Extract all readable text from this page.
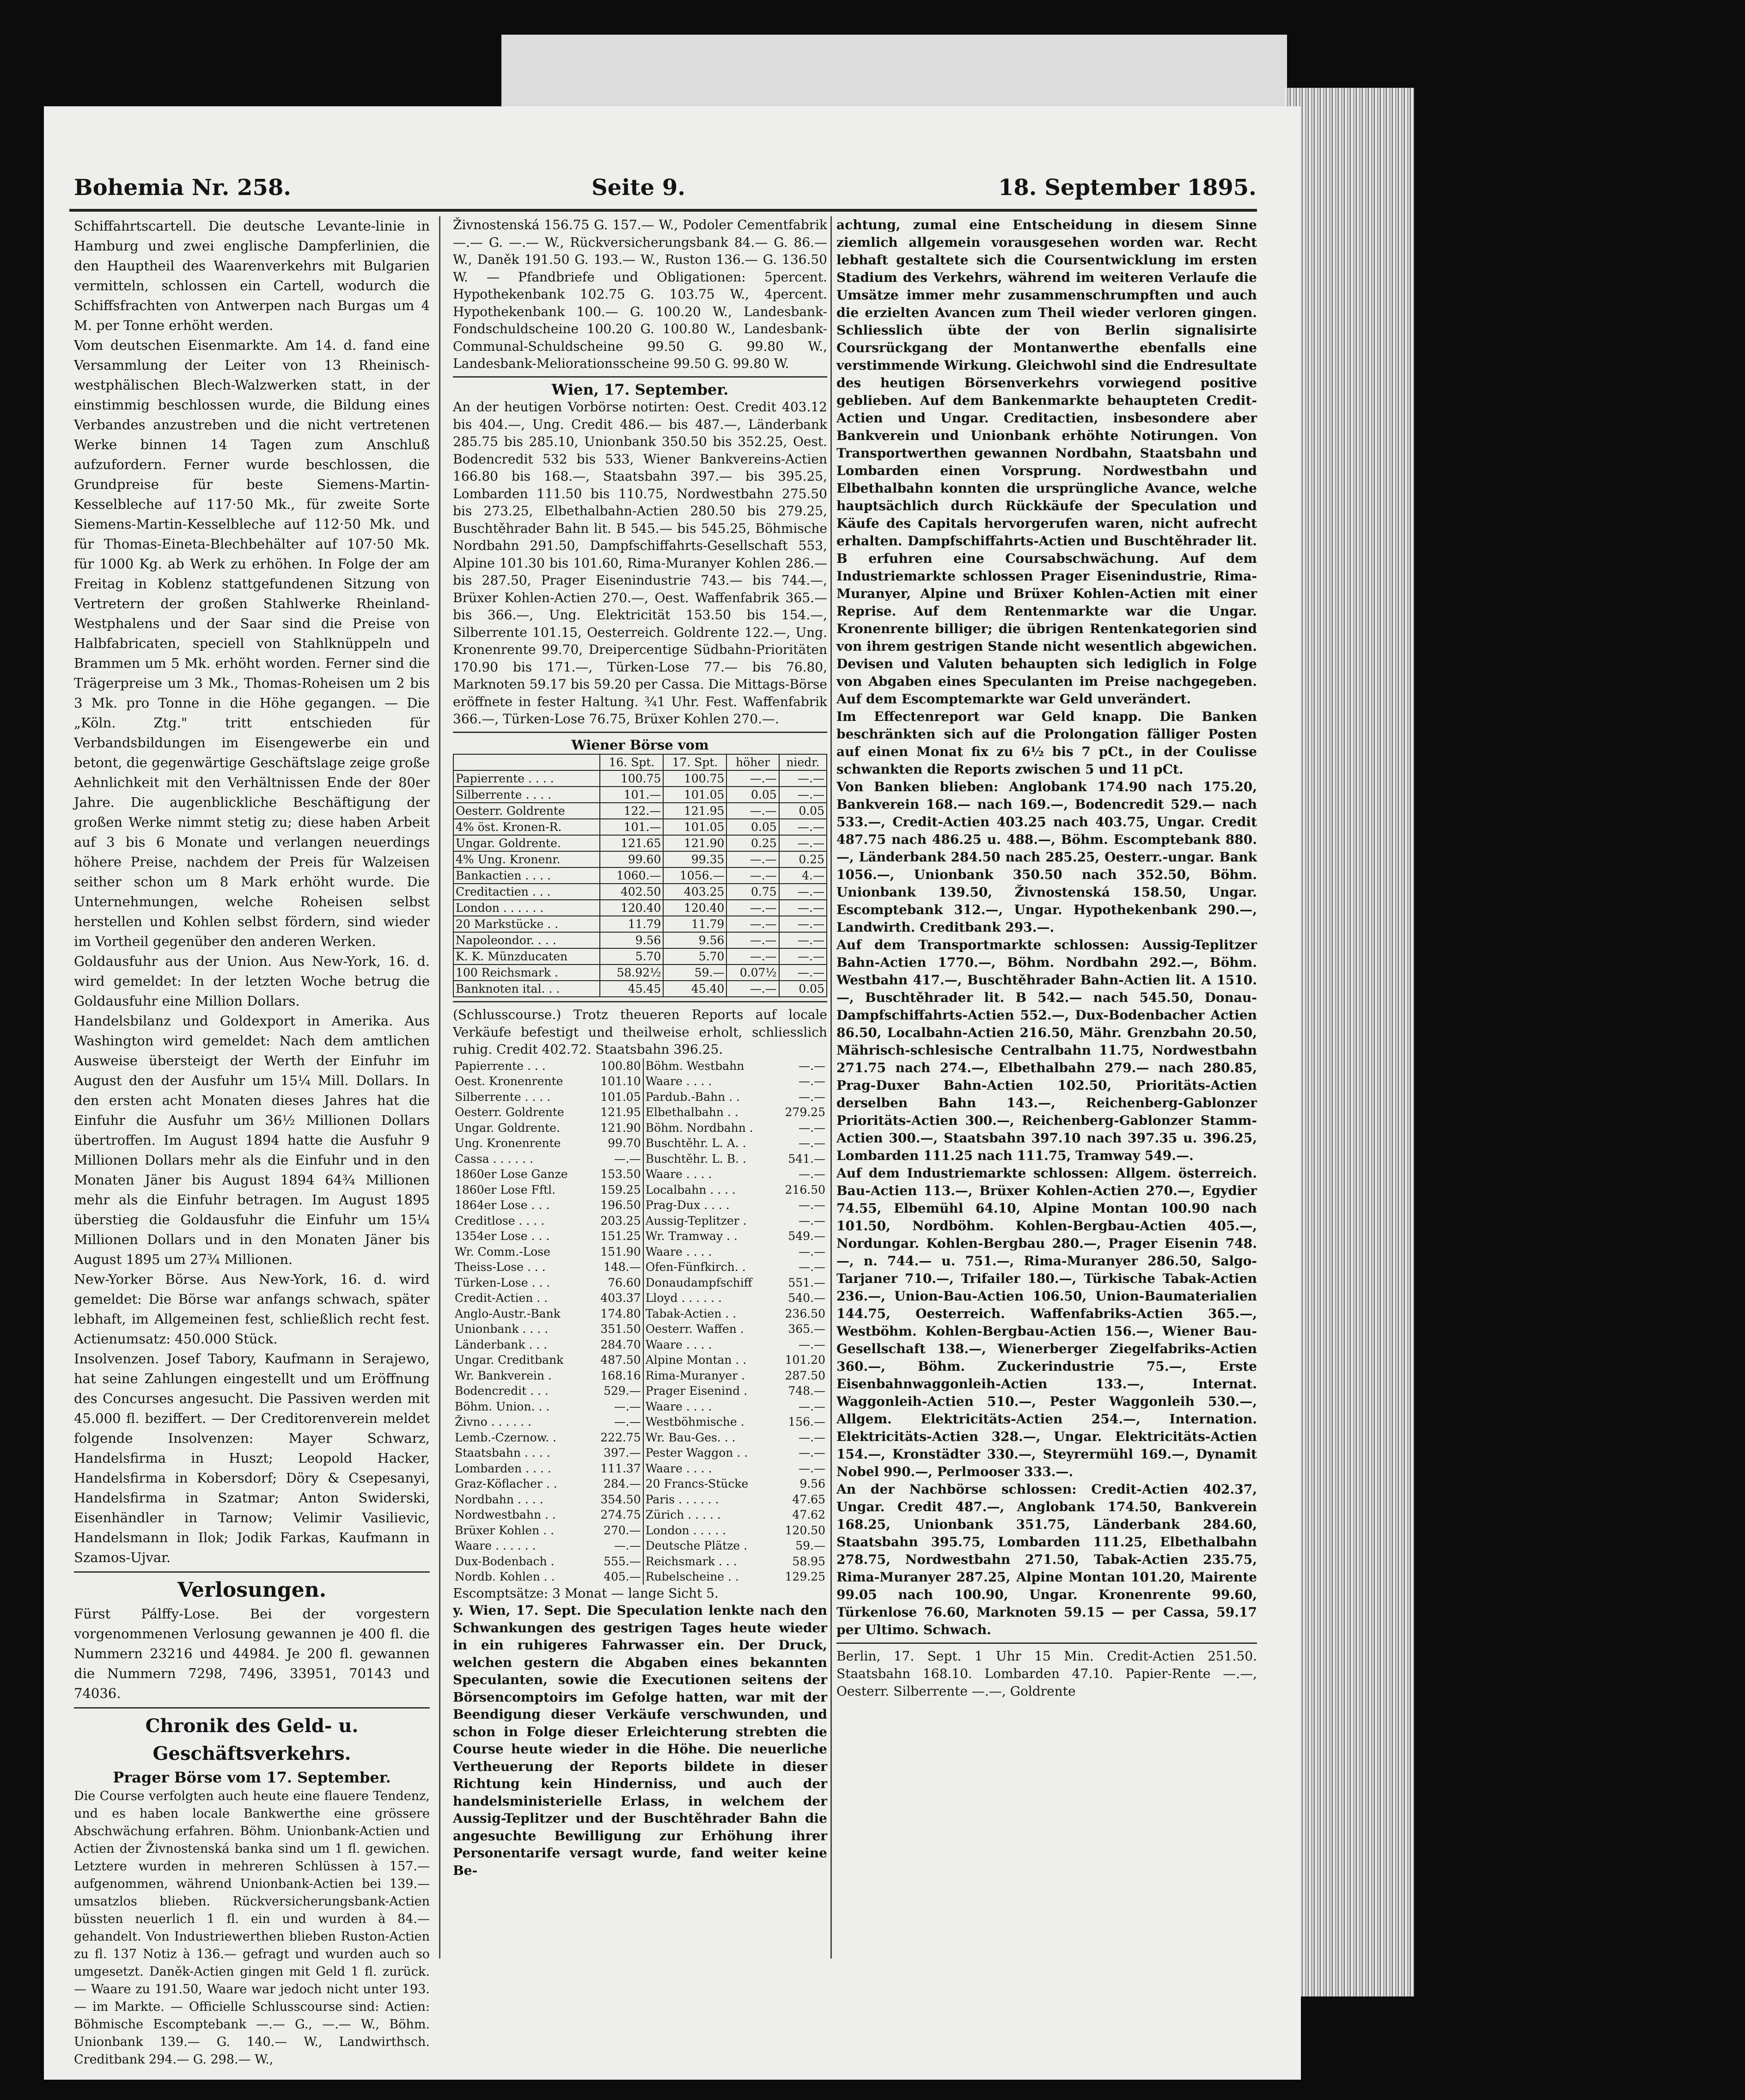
Bohemia Nr. 258.	Seite 9.	18. September 1895.

Schiffahrtscartell. Die deutsche Levante-linie in Hamburg und zwei englische Dampferlinien, die den Hauptheil des Waarenverkehrs mit Bulgarien vermitteln, schlossen ein Cartell, wodurch die Schiffsfrachten von Antwerpen nach Burgas um 4 M. per Tonne erhöht werden.

Vom deutschen Eisenmarkte. Am 14. d. fand eine Versammlung der Leiter von 13 Rheinisch-westphälischen Blech-Walzwerken statt, in der einstimmig beschlossen wurde, die Bildung eines Verbandes anzustreben und die nicht vertretenen Werke binnen 14 Tagen zum Anschluß aufzufordern. Ferner wurde beschlossen, die Grundpreise für beste Siemens-Martin-Kesselbleche auf 117·50 Mk., für zweite Sorte Siemens-Martin-Kesselbleche auf 112·50 Mk. und für Thomas-Eineta-Blechbehälter auf 107·50 Mk. für 1000 Kg. ab Werk zu erhöhen. In Folge der am Freitag in Koblenz stattgefundenen Sitzung von Vertretern der großen Stahlwerke Rheinland-Westphalens und der Saar sind die Preise von Halbfabricaten, speciell von Stahlknüppeln und Brammen um 5 Mk. erhöht worden. Ferner sind die Trägerpreise um 3 Mk., Thomas-Roheisen um 2 bis 3 Mk. pro Tonne in die Höhe gegangen. — Die „Köln. Ztg." tritt entschieden für Verbandsbildungen im Eisengewerbe ein und betont, die gegenwärtige Geschäftslage zeige große Aehnlichkeit mit den Verhältnissen Ende der 80er Jahre. Die augenblickliche Beschäftigung der großen Werke nimmt stetig zu; diese haben Arbeit auf 3 bis 6 Monate und verlangen neuerdings höhere Preise, nachdem der Preis für Walzeisen seither schon um 8 Mark erhöht wurde. Die Unternehmungen, welche Roheisen selbst herstellen und Kohlen selbst fördern, sind wieder im Vortheil gegenüber den anderen Werken.

Goldausfuhr aus der Union. Aus New-York, 16. d. wird gemeldet: In der letzten Woche betrug die Goldausfuhr eine Million Dollars.

Handelsbilanz und Goldexport in Amerika. Aus Washington wird gemeldet: Nach dem amtlichen Ausweise übersteigt der Werth der Einfuhr im August den der Ausfuhr um 15¼ Mill. Dollars. In den ersten acht Monaten dieses Jahres hat die Einfuhr die Ausfuhr um 36½ Millionen Dollars übertroffen. Im August 1894 hatte die Ausfuhr 9 Millionen Dollars mehr als die Einfuhr und in den Monaten Jäner bis August 1894 64¾ Millionen mehr als die Einfuhr betragen. Im August 1895 überstieg die Goldausfuhr die Einfuhr um 15¼ Millionen Dollars und in den Monaten Jäner bis August 1895 um 27¾ Millionen.

New-Yorker Börse. Aus New-York, 16. d. wird gemeldet: Die Börse war anfangs schwach, später lebhaft, im Allgemeinen fest, schließlich recht fest. Actienumsatz: 450.000 Stück.

Insolvenzen. Josef Tabory, Kaufmann in Serajewo, hat seine Zahlungen eingestellt und um Eröffnung des Concurses angesucht. Die Passiven werden mit 45.000 fl. beziffert. — Der Creditorenverein meldet folgende Insolvenzen: Mayer Schwarz, Handelsfirma in Huszt; Leopold Hacker, Handelsfirma in Kobersdorf; Döry & Csepesanyi, Handelsfirma in Szatmar; Anton Swiderski, Eisenhändler in Tarnow; Velimir Vasilievic, Handelsmann in Ilok; Jodik Farkas, Kaufmann in Szamos-Ujvar.

Verlosungen.

Fürst Pálffy-Lose. Bei der vorgestern vorgenommenen Verlosung gewannen je 400 fl. die Nummern 23216 und 44984. Je 200 fl. gewannen die Nummern 7298, 7496, 33951, 70143 und 74036.

Chronik des Geld- u. Geschäftsverkehrs.
Prager Börse vom 17. September.

Die Course verfolgten auch heute eine flauere Tendenz, und es haben locale Bankwerthe eine grössere Abschwächung erfahren. Böhm. Unionbank-Actien und Actien der Živnostenská banka sind um 1 fl. gewichen. Letztere wurden in mehreren Schlüssen à 157.— aufgenommen, während Unionbank-Actien bei 139.— umsatzlos blieben. Rückversicherungsbank-Actien büssten neuerlich 1 fl. ein und wurden à 84.— gehandelt. Von Industriewerthen blieben Ruston-Actien zu fl. 137 Notiz à 136.— gefragt und wurden auch so umgesetzt. Daněk-Actien gingen mit Geld 1 fl. zurück. — Waare zu 191.50, Waare war jedoch nicht unter 193.— im Markte. — Officielle Schlusscourse sind: Actien: Böhmische Escomptebank —.— G., —.— W., Böhm. Unionbank 139.— G. 140.— W., Landwirthsch. Creditbank 294.— G. 298.— W.,

Živnostenská 156.75 G. 157.— W., Podoler Cementfabrik —.— G. —.— W., Rückversicherungsbank 84.— G. 86.— W., Daněk 191.50 G. 193.— W., Ruston 136.— G. 136.50 W. — Pfandbriefe und Obligationen: 5percent. Hypothekenbank 102.75 G. 103.75 W., 4percent. Hypothekenbank 100.— G. 100.20 W., Landesbank-Fondschuldscheine 100.20 G. 100.80 W., Landesbank-Communal-Schuldscheine 99.50 G. 99.80 W., Landesbank-Meliorationsscheine 99.50 G. 99.80 W.

Wien, 17. September.

An der heutigen Vorbörse notirten: Oest. Credit 403.12 bis 404.—, Ung. Credit 486.— bis 487.—, Länderbank 285.75 bis 285.10, Unionbank 350.50 bis 352.25, Oest. Bodencredit 532 bis 533, Wiener Bankvereins-Actien 166.80 bis 168.—, Staatsbahn 397.— bis 395.25, Lombarden 111.50 bis 110.75, Nordwestbahn 275.50 bis 273.25, Elbethalbahn-Actien 280.50 bis 279.25, Buschtěhrader Bahn lit. B 545.— bis 545.25, Böhmische Nordbahn 291.50, Dampfschiffahrts-Gesellschaft 553, Alpine 101.30 bis 101.60, Rima-Muranyer Kohlen 286.— bis 287.50, Prager Eisenindustrie 743.— bis 744.—, Brüxer Kohlen-Actien 270.—, Oest. Waffenfabrik 365.— bis 366.—, Ung. Elektricität 153.50 bis 154.—, Silberrente 101.15, Oesterreich. Goldrente 122.—, Ung. Kronenrente 99.70, Dreipercentige Südbahn-Prioritäten 170.90 bis 171.—, Türken-Lose 77.— bis 76.80, Marknoten 59.17 bis 59.20 per Cassa. Die Mittags-Börse eröffnete in fester Haltung. ¾1 Uhr. Fest. Waffenfabrik 366.—, Türken-Lose 76.75, Brüxer Kohlen 270.—.

Wiener Börse vom
	16. Spt.	17. Spt.	höher	niedr.
Papierrente . . . .	100.75	100.75	—.—	—.—
Silberrente . . . .	101.—	101.05	0.05	—.—
Oesterr. Goldrente	122.—	121.95	—.—	0.05
4% öst. Kronen-R.	101.—	101.05	0.05	—.—
Ungar. Goldrente.	121.65	121.90	0.25	—.—
4% Ung. Kronenr.	99.60	99.35	—.—	0.25
Bankactien . . . .	1060.—	1056.—	—.—	4.—
Creditactien . . .	402.50	403.25	0.75	—.—
London . . . . . .	120.40	120.40	—.—	—.—
20 Markstücke . .	11.79	11.79	—.—	—.—
Napoleondor. . . .	9.56	9.56	—.—	—.—
K. K. Münzducaten	5.70	5.70	—.—	—.—
100 Reichsmark .	58.92½	59.—	0.07½	—.—
Banknoten ital. . .	45.45	45.40	—.—	0.05

(Schlusscourse.) Trotz theueren Reports auf locale Verkäufe befestigt und theilweise erholt, schliesslich ruhig. Credit 402.72. Staatsbahn 396.25.

Papierrente . . .	100.80	Böhm. Westbahn	—.—
Oest. Kronenrente	101.10	Waare . . . .	—.—
Silberrente . . . .	101.05	Pardub.-Bahn . .	—.—
Oesterr. Goldrente	121.95	Elbethalbahn . .	279.25
Ungar. Goldrente.	121.90	Böhm. Nordbahn .	—.—
Ung. Kronenrente	99.70	Buschtěhr. L. A. .	—.—
Cassa . . . . . .	—.—	Buschtěhr. L. B. .	541.—
1860er Lose Ganze	153.50	Waare . . . .	—.—
1860er Lose Fftl.	159.25	Localbahn . . . .	216.50
1864er Lose . . .	196.50	Prag-Dux . . . .	—.—
Creditlose . . . .	203.25	Aussig-Teplitzer .	—.—
1354er Lose . . .	151.25	Wr. Tramway . .	549.—
Wr. Comm.-Lose	151.90	Waare . . . .	—.—
Theiss-Lose . . .	148.—	Ofen-Fünfkirch. .	—.—
Türken-Lose . . .	76.60	Donaudampfschiff	551.—
Credit-Actien . .	403.37	Lloyd . . . . . .	540.—
Anglo-Austr.-Bank	174.80	Tabak-Actien . .	236.50
Unionbank . . . .	351.50	Oesterr. Waffen .	365.—
Länderbank . . .	284.70	Waare . . . .	—.—
Ungar. Creditbank	487.50	Alpine Montan . .	101.20
Wr. Bankverein .	168.16	Rima-Muranyer .	287.50
Bodencredit . . .	529.—	Prager Eisenind .	748.—
Böhm. Union. . .	—.—	Waare . . . .	—.—
Živno . . . . . .	—.—	Westböhmische .	156.—
Lemb.-Czernow. .	222.75	Wr. Bau-Ges. . .	—.—
Staatsbahn . . . .	397.—	Pester Waggon . .	—.—
Lombarden . . . .	111.37	Waare . . . .	—.—
Graz-Köflacher . .	284.—	20 Francs-Stücke	9.56
Nordbahn . . . .	354.50	Paris . . . . . .	47.65
Nordwestbahn . .	274.75	Zürich . . . . .	47.62
Brüxer Kohlen . .	270.—	London . . . . .	120.50
Waare . . . . . .	—.—	Deutsche Plätze .	59.—
Dux-Bodenbach .	555.—	Reichsmark . . .	58.95
Nordb. Kohlen . .	405.—	Rubelscheine . .	129.25

Escomptsätze: 3 Monat — lange Sicht 5.

y. Wien, 17. Sept. Die Speculation lenkte nach den Schwankungen des gestrigen Tages heute wieder in ein ruhigeres Fahrwasser ein. Der Druck, welchen gestern die Abgaben eines bekannten Speculanten, sowie die Executionen seitens der Börsencomptoirs im Gefolge hatten, war mit der Beendigung dieser Verkäufe verschwunden, und schon in Folge dieser Erleichterung strebten die Course heute wieder in die Höhe. Die neuerliche Vertheuerung der Reports bildete in dieser Richtung kein Hinderniss, und auch der handelsministerielle Erlass, in welchem der Aussig-Teplitzer und der Buschtěhrader Bahn die angesuchte Bewilligung zur Erhöhung ihrer Personentarife versagt wurde, fand weiter keine Be-

achtung, zumal eine Entscheidung in diesem Sinne ziemlich allgemein vorausgesehen worden war. Recht lebhaft gestaltete sich die Coursentwicklung im ersten Stadium des Verkehrs, während im weiteren Verlaufe die Umsätze immer mehr zusammenschrumpften und auch die erzielten Avancen zum Theil wieder verloren gingen. Schliesslich übte der von Berlin signalisirte Coursrückgang der Montanwerthe ebenfalls eine verstimmende Wirkung. Gleichwohl sind die Endresultate des heutigen Börsenverkehrs vorwiegend positive geblieben. Auf dem Bankenmarkte behaupteten Credit-Actien und Ungar. Creditactien, insbesondere aber Bankverein und Unionbank erhöhte Notirungen. Von Transportwerthen gewannen Nordbahn, Staatsbahn und Lombarden einen Vorsprung. Nordwestbahn und Elbethalbahn konnten die ursprüngliche Avance, welche hauptsächlich durch Rückkäufe der Speculation und Käufe des Capitals hervorgerufen waren, nicht aufrecht erhalten. Dampfschiffahrts-Actien und Buschtěhrader lit. B erfuhren eine Coursabschwächung. Auf dem Industriemarkte schlossen Prager Eisenindustrie, Rima-Muranyer, Alpine und Brüxer Kohlen-Actien mit einer Reprise. Auf dem Rentenmarkte war die Ungar. Kronenrente billiger; die übrigen Rentenkategorien sind von ihrem gestrigen Stande nicht wesentlich abgewichen. Devisen und Valuten behaupten sich lediglich in Folge von Abgaben eines Speculanten im Preise nachgegeben. Auf dem Escomptemarkte war Geld unverändert.

Im Effectenreport war Geld knapp. Die Banken beschränkten sich auf die Prolongation fälliger Posten auf einen Monat fix zu 6½ bis 7 pCt., in der Coulisse schwankten die Reports zwischen 5 und 11 pCt.

Von Banken blieben: Anglobank 174.90 nach 175.20, Bankverein 168.— nach 169.—, Bodencredit 529.— nach 533.—, Credit-Actien 403.25 nach 403.75, Ungar. Credit 487.75 nach 486.25 u. 488.—, Böhm. Escomptebank 880.—, Länderbank 284.50 nach 285.25, Oesterr.-ungar. Bank 1056.—, Unionbank 350.50 nach 352.50, Böhm. Unionbank 139.50, Živnostenská 158.50, Ungar. Escomptebank 312.—, Ungar. Hypothekenbank 290.—, Landwirth. Creditbank 293.—.

Auf dem Transportmarkte schlossen: Aussig-Teplitzer Bahn-Actien 1770.—, Böhm. Nordbahn 292.—, Böhm. Westbahn 417.—, Buschtěhrader Bahn-Actien lit. A 1510.—, Buschtěhrader lit. B 542.— nach 545.50, Donau-Dampfschiffahrts-Actien 552.—, Dux-Bodenbacher Actien 86.50, Localbahn-Actien 216.50, Mähr. Grenzbahn 20.50, Mährisch-schlesische Centralbahn 11.75, Nordwestbahn 271.75 nach 274.—, Elbethalbahn 279.— nach 280.85, Prag-Duxer Bahn-Actien 102.50, Prioritäts-Actien derselben Bahn 143.—, Reichenberg-Gablonzer Prioritäts-Actien 300.—, Reichenberg-Gablonzer Stamm-Actien 300.—, Staatsbahn 397.10 nach 397.35 u. 396.25, Lombarden 111.25 nach 111.75, Tramway 549.—.

Auf dem Industriemarkte schlossen: Allgem. österreich. Bau-Actien 113.—, Brüxer Kohlen-Actien 270.—, Egydier 74.55, Elbemühl 64.10, Alpine Montan 100.90 nach 101.50, Nordböhm. Kohlen-Bergbau-Actien 405.—, Nordungar. Kohlen-Bergbau 280.—, Prager Eisenin 748.—, n. 744.— u. 751.—, Rima-Muranyer 286.50, Salgo-Tarjaner 710.—, Trifailer 180.—, Türkische Tabak-Actien 236.—, Union-Bau-Actien 106.50, Union-Baumaterialien 144.75, Oesterreich. Waffenfabriks-Actien 365.—, Westböhm. Kohlen-Bergbau-Actien 156.—, Wiener Bau-Gesellschaft 138.—, Wienerberger Ziegelfabriks-Actien 360.—, Böhm. Zuckerindustrie 75.—, Erste Eisenbahnwaggonleih-Actien 133.—, Internat. Waggonleih-Actien 510.—, Pester Waggonleih 530.—, Allgem. Elektricitäts-Actien 254.—, Internation. Elektricitäts-Actien 328.—, Ungar. Elektricitäts-Actien 154.—, Kronstädter 330.—, Steyrermühl 169.—, Dynamit Nobel 990.—, Perlmooser 333.—.

An der Nachbörse schlossen: Credit-Actien 402.37, Ungar. Credit 487.—, Anglobank 174.50, Bankverein 168.25, Unionbank 351.75, Länderbank 284.60, Staatsbahn 395.75, Lombarden 111.25, Elbethalbahn 278.75, Nordwestbahn 271.50, Tabak-Actien 235.75, Rima-Muranyer 287.25, Alpine Montan 101.20, Mairente 99.05 nach 100.90, Ungar. Kronenrente 99.60, Türkenlose 76.60, Marknoten 59.15 — per Cassa, 59.17 per Ultimo. Schwach.

Berlin, 17. Sept. 1 Uhr 15 Min. Credit-Actien 251.50. Staatsbahn 168.10. Lombarden 47.10. Papier-Rente —.—, Oesterr. Silberrente —.—, Goldrente
